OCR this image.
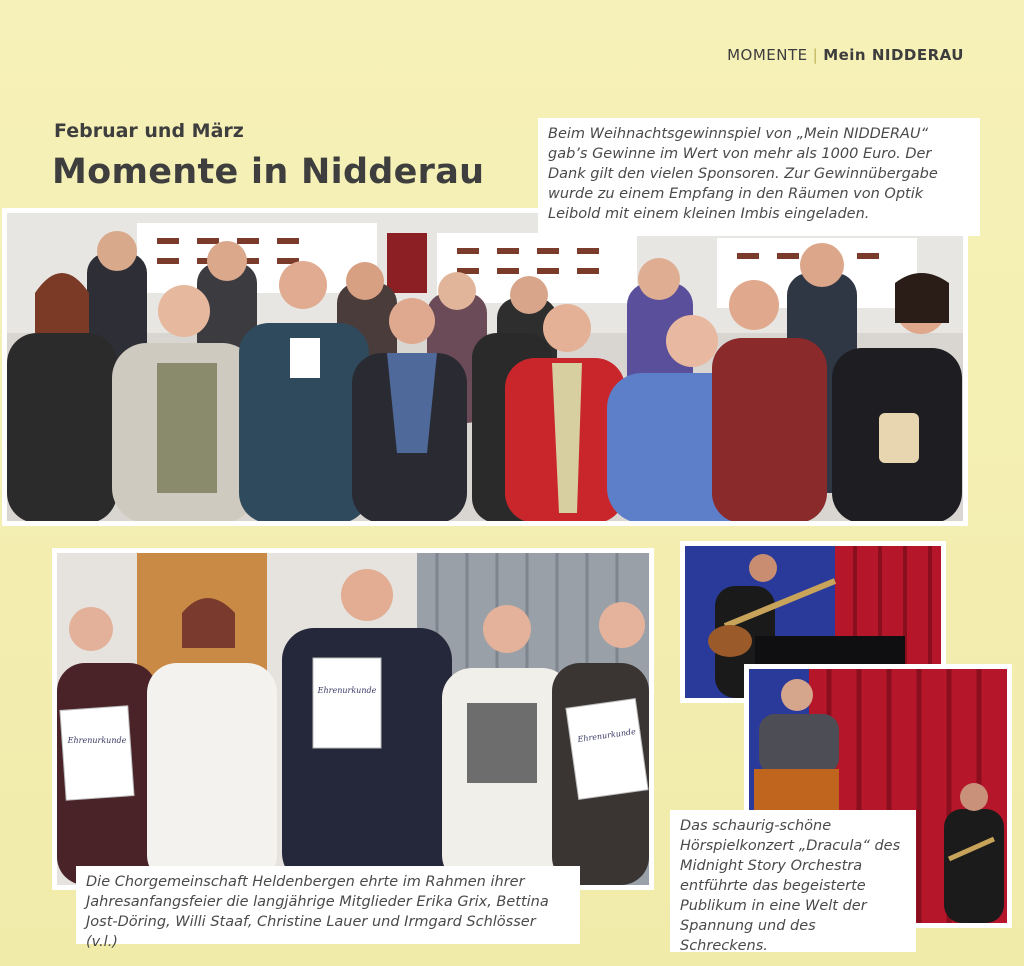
MOMENTE | Mein NIDDERAU
Februar und März
Momente in Nidderau
Beim Weihnachtsgewinnspiel von „Mein NIDDERAU“ gab’s Gewinne im Wert von mehr als 1000 Euro. Der Dank gilt den vielen Sponsoren. Zur Gewinnübergabe wurde zu einem Empfang in den Räumen von Optik Leibold mit einem kleinen Imbis eingeladen.
Ehrenurkunde
Ehrenurkunde
Ehrenurkunde
Die Chorgemeinschaft Heldenbergen ehrte im Rahmen ihrer Jahresanfangsfeier die langjährige Mitglieder Erika Grix, Bettina Jost-Döring, Willi Staaf, Christine Lauer und Irmgard Schlösser (v.l.)
Das schaurig-schöne Hörspielkonzert „Dracula“ des Midnight Story Orchestra entführte das begeisterte Publikum in eine Welt der Spannung und des Schreckens.
